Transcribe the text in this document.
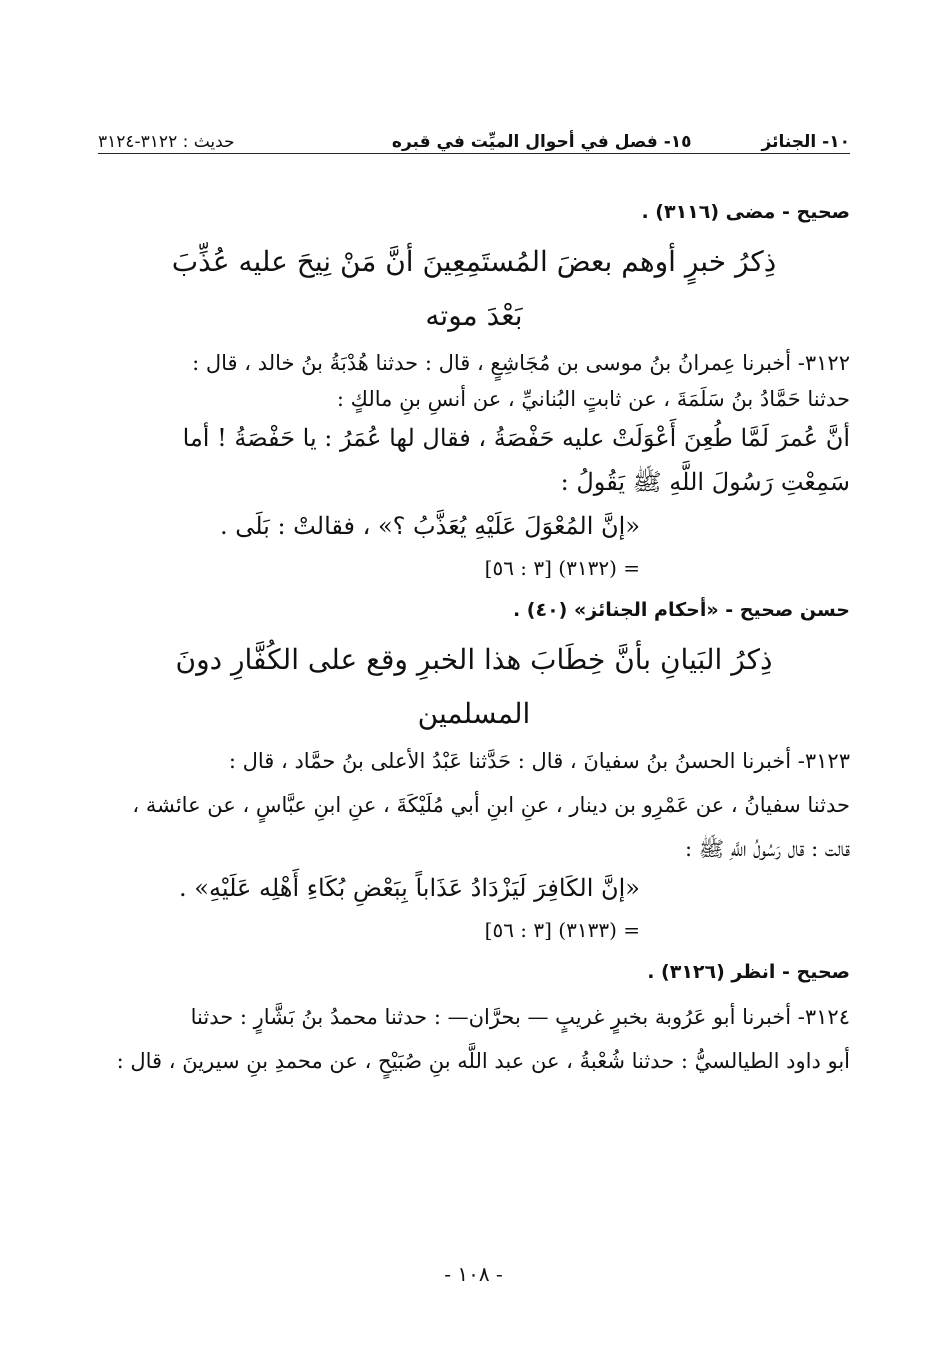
١٠- الجنائز
١٥- فصل في أحوال الميِّت في قبره
حديث : ٣١٢٢-٣١٢٤

صحيح - مضى (٣١١٦) .

ذِكرُ خبرٍ أوهم بعضَ المُستَمِعِينَ أنَّ مَنْ نِيحَ عليه عُذِّبَ

بَعْدَ موته

٣١٢٢- أخبرنا عِمرانُ بنُ موسى بن مُجَاشِعٍ ، قال : حدثنا هُدْبَةُ بنُ خالد ، قال :

حدثنا حَمَّادُ بنُ سَلَمَةَ ، عن ثابتٍ البُنانيِّ ، عن أنسِ بنِ مالكٍ :

أنَّ عُمرَ لَمَّا طُعِنَ أَعْوَلَتْ عليه حَفْصَةُ ، فقال لها عُمَرُ : يا حَفْصَةُ ! أما

سَمِعْتِ رَسُولَ اللَّهِ ﷺ يَقُولُ :

«إنَّ المُعْوَلَ عَلَيْهِ يُعَذَّبُ ؟» ، فقالتْ : بَلَى .

= (٣١٣٢) [٣ : ٥٦]

حسن صحيح - «أحكام الجنائز» (٤٠) .

ذِكرُ البَيانِ بأنَّ خِطَابَ هذا الخبرِ وقع على الكُفَّارِ دونَ

المسلمين

٣١٢٣- أخبرنا الحسنُ بنُ سفيانَ ، قال : حَدَّثنا عَبْدُ الأعلى بنُ حمَّاد ، قال :

حدثنا سفيانُ ، عن عَمْرِو بن دينار ، عنِ ابنِ أبي مُلَيْكَةَ ، عنِ ابنِ عبَّاسٍ ، عن عائشة ،

قالت : قال رَسُولُ اللَّهِ ﷺ :

«إنَّ الكَافِرَ لَيَزْدَادُ عَذَاباً بِبَعْضِ بُكَاءِ أَهْلِه عَلَيْهِ» .

= (٣١٣٣) [٣ : ٥٦]

صحيح - انظر (٣١٢٦) .

٣١٢٤- أخبرنا أبو عَرُوبة بخبرٍ غريبٍ — بحرَّان— : حدثنا محمدُ بنُ بَشَّارٍ : حدثنا

أبو داود الطيالسيُّ : حدثنا شُعْبةُ ، عن عبد اللَّه بنِ صُبَيْحٍ ، عن محمدِ بنِ سيرينَ ، قال :

- ١٠٨ -
